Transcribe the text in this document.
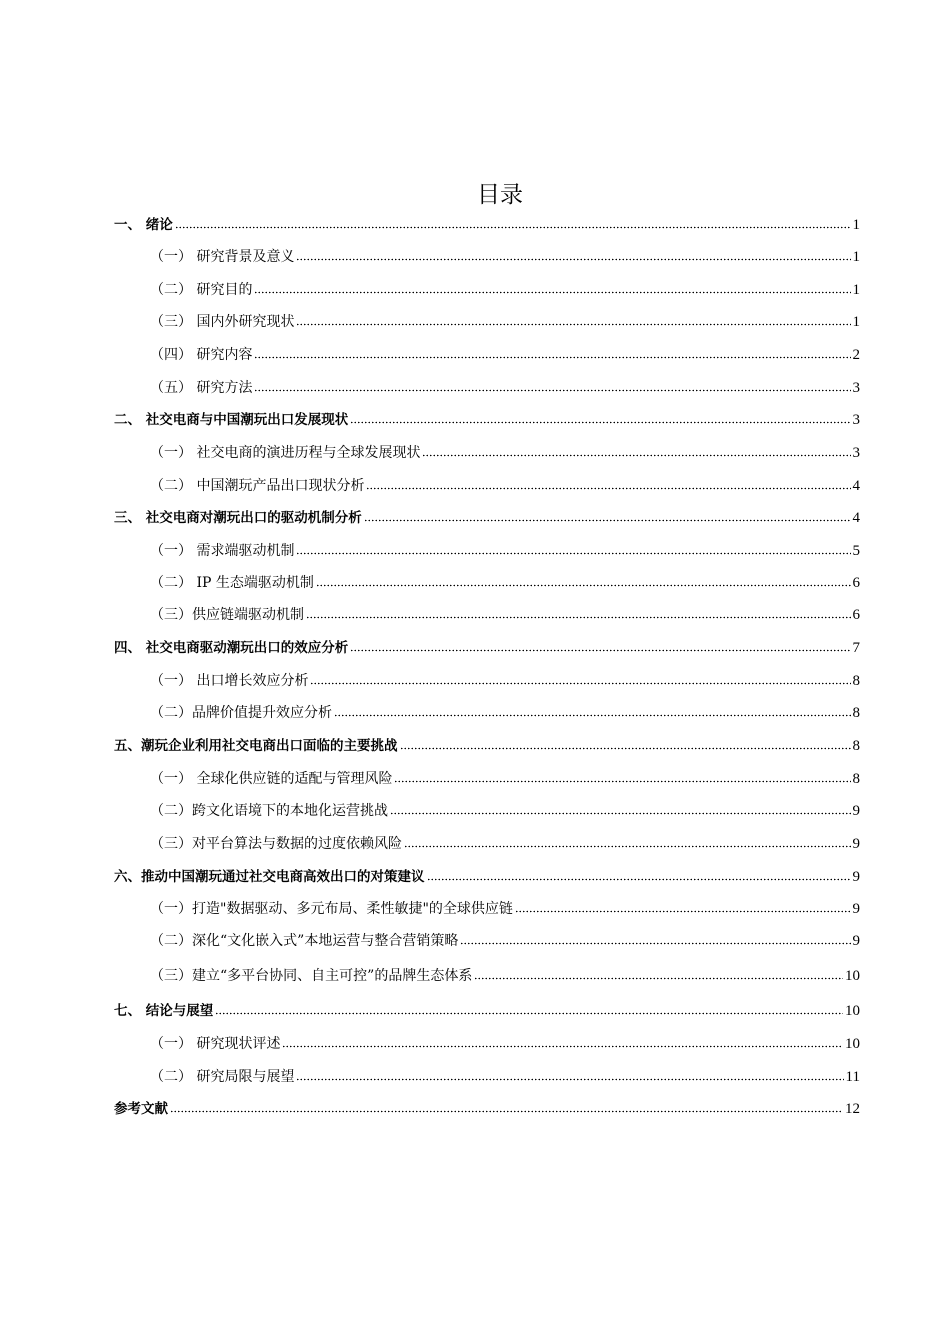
目录
一、 绪论	1
（一） 研究背景及意义	1
（二） 研究目的	1
（三） 国内外研究现状	1
（四） 研究内容	2
（五） 研究方法	3
二、 社交电商与中国潮玩出口发展现状	3
（一） 社交电商的演进历程与全球发展现状	3
（二） 中国潮玩产品出口现状分析	4
三、 社交电商对潮玩出口的驱动机制分析	4
（一） 需求端驱动机制	5
（二） IP 生态端驱动机制	6
（三）供应链端驱动机制	6
四、 社交电商驱动潮玩出口的效应分析	7
（一） 出口增长效应分析	8
（二）品牌价值提升效应分析	8
五、潮玩企业利用社交电商出口面临的主要挑战	8
（一） 全球化供应链的适配与管理风险	8
（二）跨文化语境下的本地化运营挑战	9
（三）对平台算法与数据的过度依赖风险	9
六、推动中国潮玩通过社交电商高效出口的对策建议	9
（一）打造"数据驱动、多元布局、柔性敏捷"的全球供应链	9
（二）深化“文化嵌入式”本地运营与整合营销策略	9
（三）建立“多平台协同、自主可控”的品牌生态体系	10
七、 结论与展望	10
（一） 研究现状评述	10
（二） 研究局限与展望	11
参考文献	12
